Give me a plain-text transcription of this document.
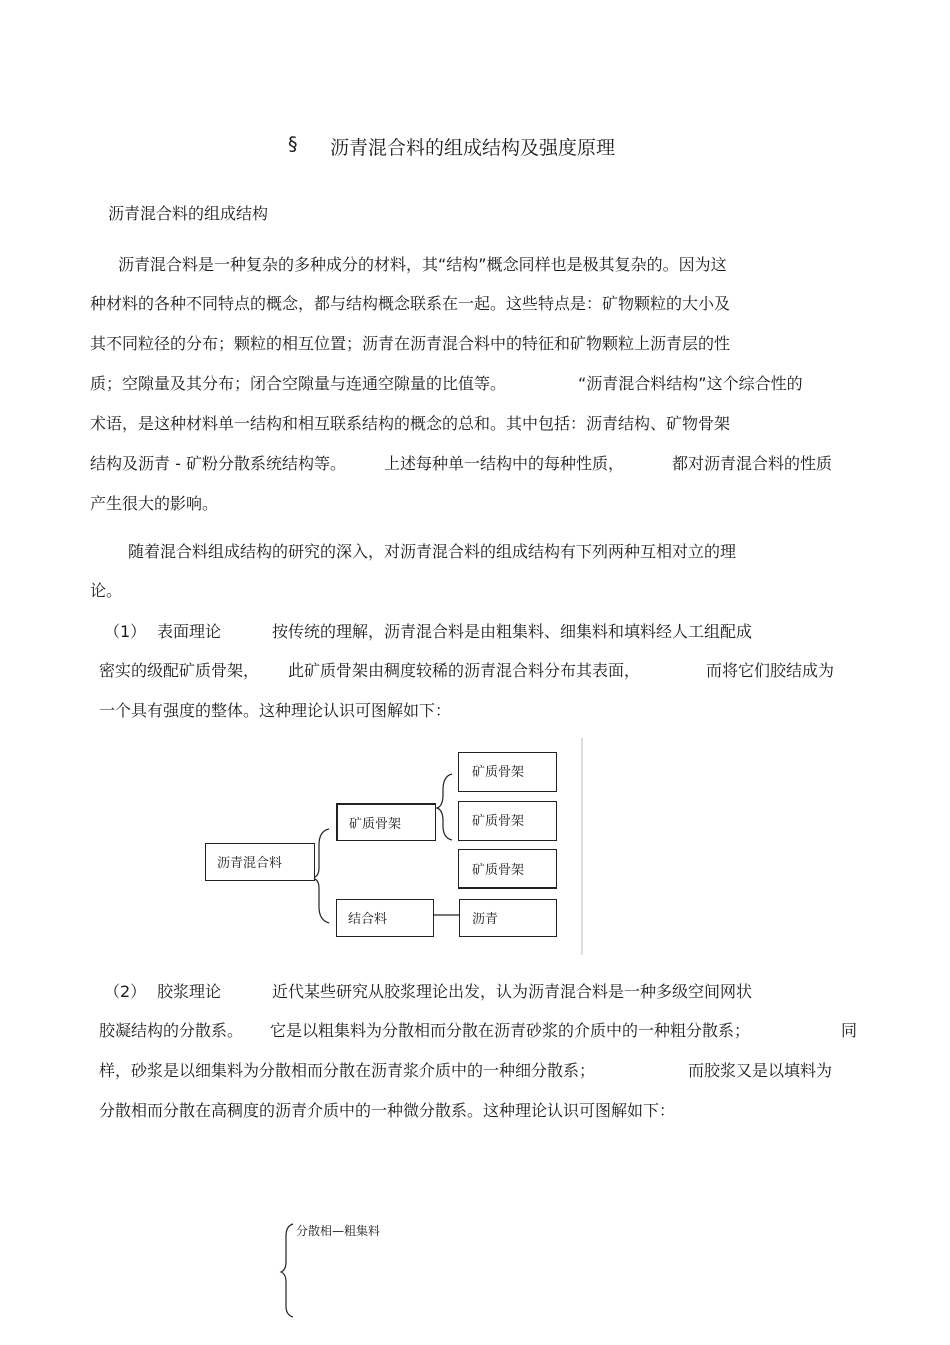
§ 沥青混合料的组成结构及强度原理
沥青混合料的组成结构
沥青混合料是一种复杂的多种成分的材料，其“结构”概念同样也是极其复杂的。因为这
种材料的各种不同特点的概念，都与结构概念联系在一起。这些特点是：矿物颗粒的大小及
其不同粒径的分布；颗粒的相互位置；沥青在沥青混合料中的特征和矿物颗粒上沥青层的性
质；空隙量及其分布；闭合空隙量与连通空隙量的比值等。	“沥青混合料结构”这个综合性的
术语，是这种材料单一结构和相互联系结构的概念的总和。其中包括：沥青结构、矿物骨架
结构及沥青 - 矿粉分散系统结构等。 上述每种单一结构中的每种性质，	都对沥青混合料的性质
产生很大的影响。
随着混合料组成结构的研究的深入，对沥青混合料的组成结构有下列两种互相对立的理
论。
（1） 表面理论	按传统的理解，沥青混合料是由粗集料、细集料和填料经人工组配成
密实的级配矿质骨架， 此矿质骨架由稠度较稀的沥青混合料分布其表面，	而将它们胶结成为
一个具有强度的整体。这种理论认识可图解如下：
沥青混合料
矿质骨架
结合料
矿质骨架
矿质骨架
矿质骨架
沥青
（2） 胶浆理论	近代某些研究从胶浆理论出发，认为沥青混合料是一种多级空间网状
胶凝结构的分散系。 它是以粗集料为分散相而分散在沥青砂浆的介质中的一种粗分散系；	同
样，砂浆是以细集料为分散相而分散在沥青浆介质中的一种细分散系；	而胶浆又是以填料为
分散相而分散在高稠度的沥青介质中的一种微分散系。这种理论认识可图解如下：
分散相—粗集料
